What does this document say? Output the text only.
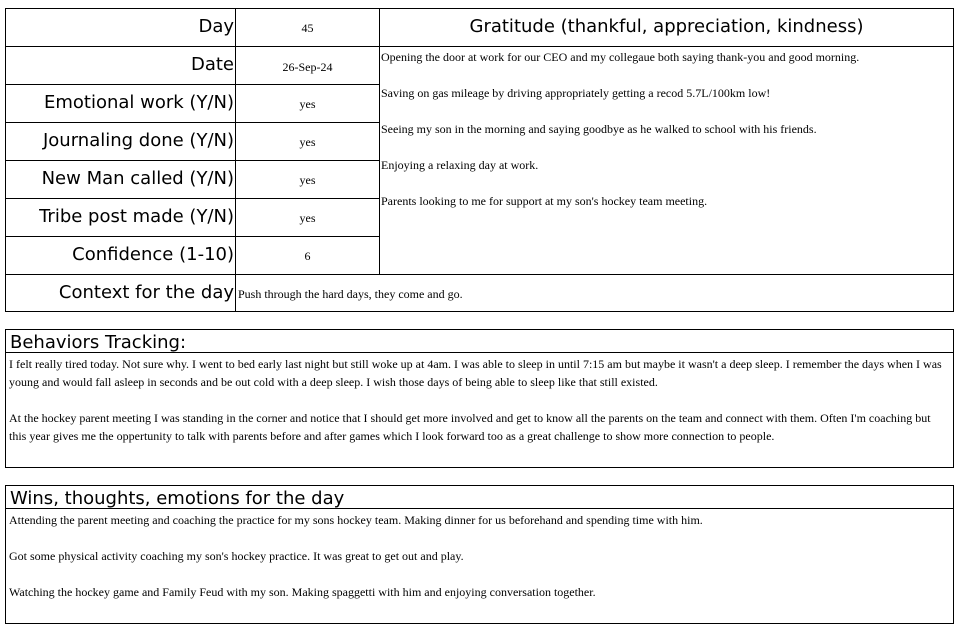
Day
Date
Emotional work (Y/N)
Journaling done (Y/N)
New Man called (Y/N)
Tribe post made (Y/N)
Confidence (1-10)
Context for the day
45
26-Sep-24
yes
yes
yes
yes
6
Push through the hard days, they come and go.
Gratitude (thankful, appreciation, kindness)
Opening the door at work for our CEO and my collegaue both saying thank-you and good morning.
Saving on gas mileage by driving appropriately getting a recod 5.7L/100km low!
Seeing my son in the morning and saying goodbye as he walked to school with his friends.
Enjoying a relaxing day at work.
Parents looking to me for support at my son's hockey team meeting.
Behaviors Tracking:
I felt really tired today. Not sure why. I went to bed early last night but still woke up at 4am. I was able to sleep in until 7:15 am but maybe it wasn't a deep sleep. I remember the days when I was young and would fall asleep in seconds and be out cold with a deep sleep. I wish those days of being able to sleep like that still existed.
At the hockey parent meeting I was standing in the corner and notice that I should get more involved and get to know all the parents on the team and connect with them. Often I'm coaching but this year gives me the oppertunity to talk with parents before and after games which I look forward too as a great challenge to show more connection to people.
Wins, thoughts, emotions for the day
Attending the parent meeting and coaching the practice for my sons hockey team. Making dinner for us beforehand and spending time with him.
Got some physical activity coaching my son's hockey practice. It was great to get out and play.
Watching the hockey game and Family Feud with my son. Making spaggetti with him and enjoying conversation together.
